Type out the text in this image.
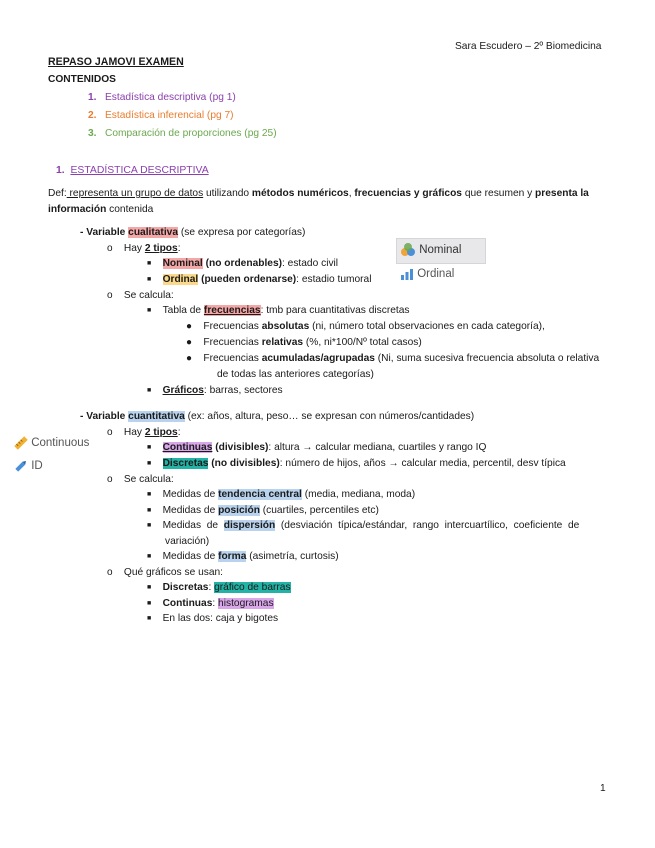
Sara Escudero – 2º Biomedicina
REPASO JAMOVI EXAMEN
CONTENIDOS
1. Estadística descriptiva (pg 1)
2. Estadística inferencial (pg 7)
3. Comparación de proporciones (pg 25)
1. ESTADÍSTICA DESCRIPTIVA
Def: representa un grupo de datos utilizando métodos numéricos, frecuencias y gráficos que resumen y presenta la
información contenida
- Variable cualitativa (se expresa por categorías)
o Hay 2 tipos:
■ Nominal (no ordenables): estado civil
■ Ordinal (pueden ordenarse): estadio tumoral
o Se calcula:
■ Tabla de frecuencias: tmb para cuantitativas discretas
● Frecuencias absolutas (ni, número total observaciones en cada categoría),
● Frecuencias relativas (%, ni*100/Nº total casos)
● Frecuencias acumuladas/agrupadas (Ni, suma sucesiva frecuencia absoluta o relativa
de todas las anteriores categorías)
■ Gráficos: barras, sectores
Nominal
Ordinal
Continuous
ID
- Variable cuantitativa (ex: años, altura, peso… se expresan con números/cantidades)
o Hay 2 tipos:
■ Continuas (divisibles): altura → calcular mediana, cuartiles y rango IQ
■ Discretas (no divisibles): número de hijos, años → calcular media, percentil, desv típica
o Se calcula:
■ Medidas de tendencia central (media, mediana, moda)
■ Medidas de posición (cuartiles, percentiles etc)
■ Medidas  de  dispersión  (desviación  típica/estándar,  rango  intercuartílico,  coeficiente  de
variación)
■ Medidas de forma (asimetría, curtosis)
o Qué gráficos se usan:
■ Discretas: gráfico de barras
■ Continuas: histogramas
■ En las dos: caja y bigotes
1
